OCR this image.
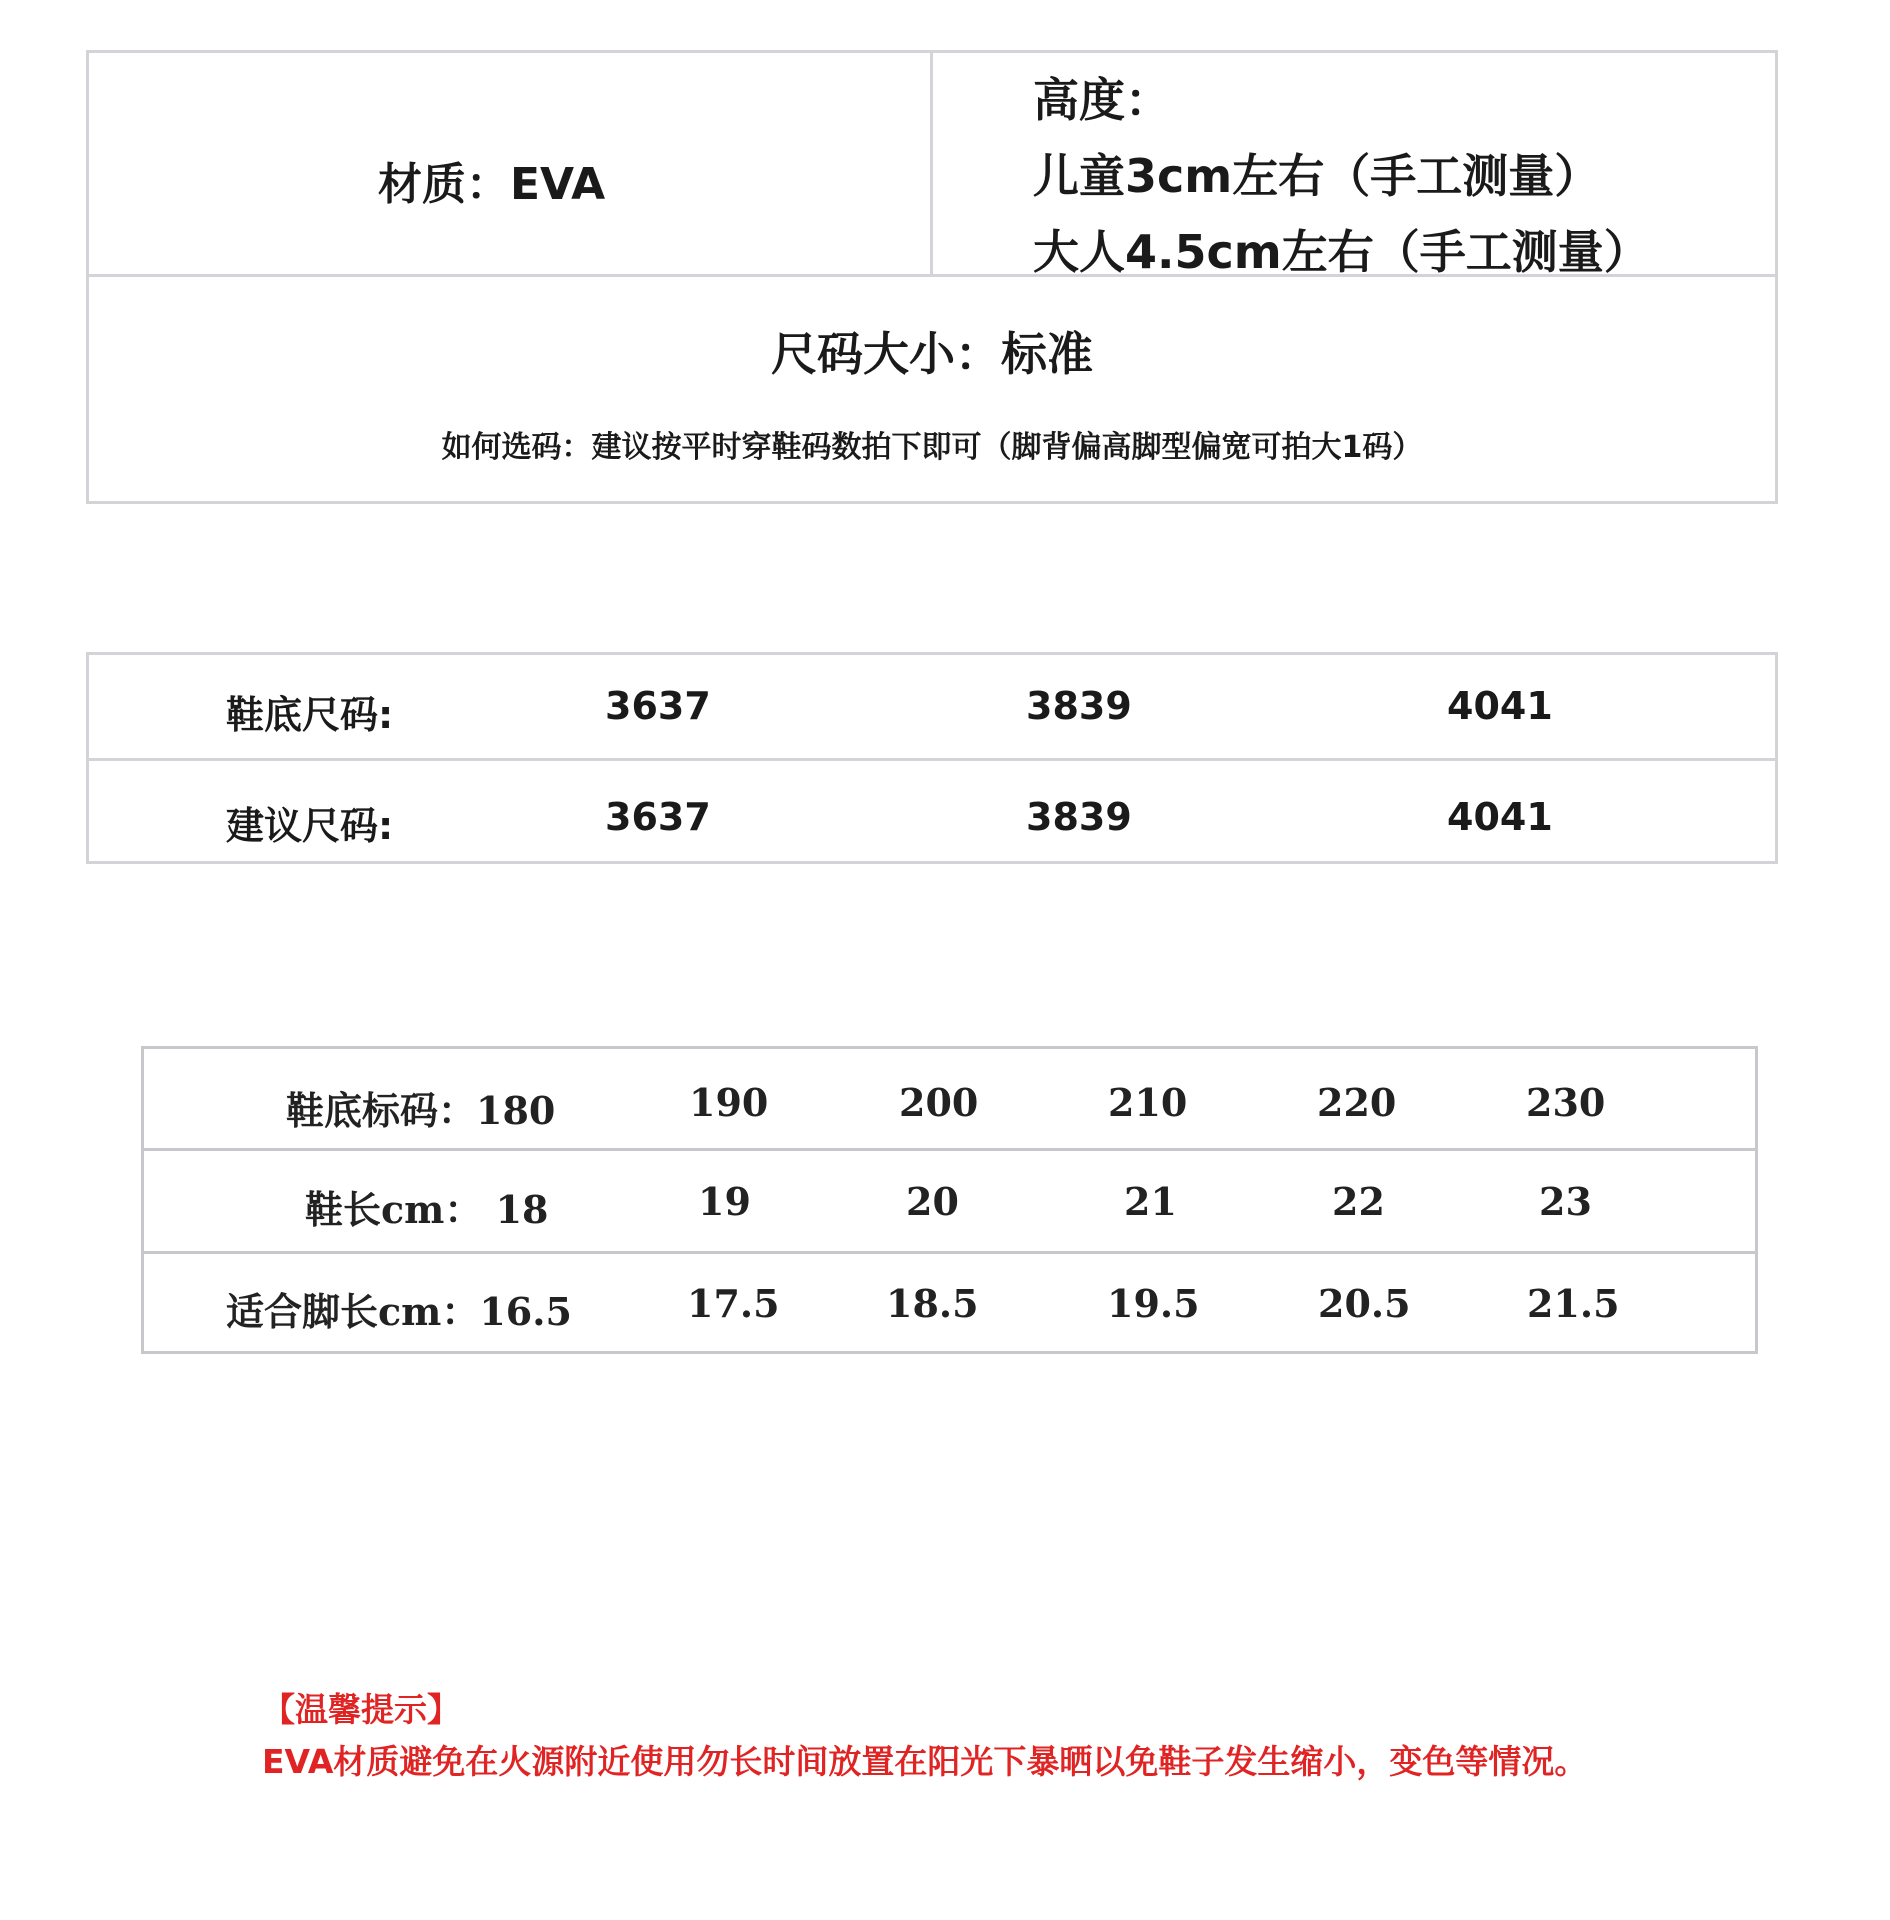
材质：EVA
高度：
儿童3cm左右（手工测量）
大人4.5cm左右（手工测量）
尺码大小：标准
如何选码：建议按平时穿鞋码数拍下即可（脚背偏高脚型偏宽可拍大1码）
鞋底尺码:	3637	3839	4041
建议尺码:	3637	3839	4041
鞋底标码：180	190	200	210	220	230
鞋长cm： 18	19	20	21	22	23
适合脚长cm：16.5	17.5	18.5	19.5	20.5	21.5
【温馨提示】
EVA材质避免在火源附近使用勿长时间放置在阳光下暴晒以免鞋子发生缩小，变色等情况。
